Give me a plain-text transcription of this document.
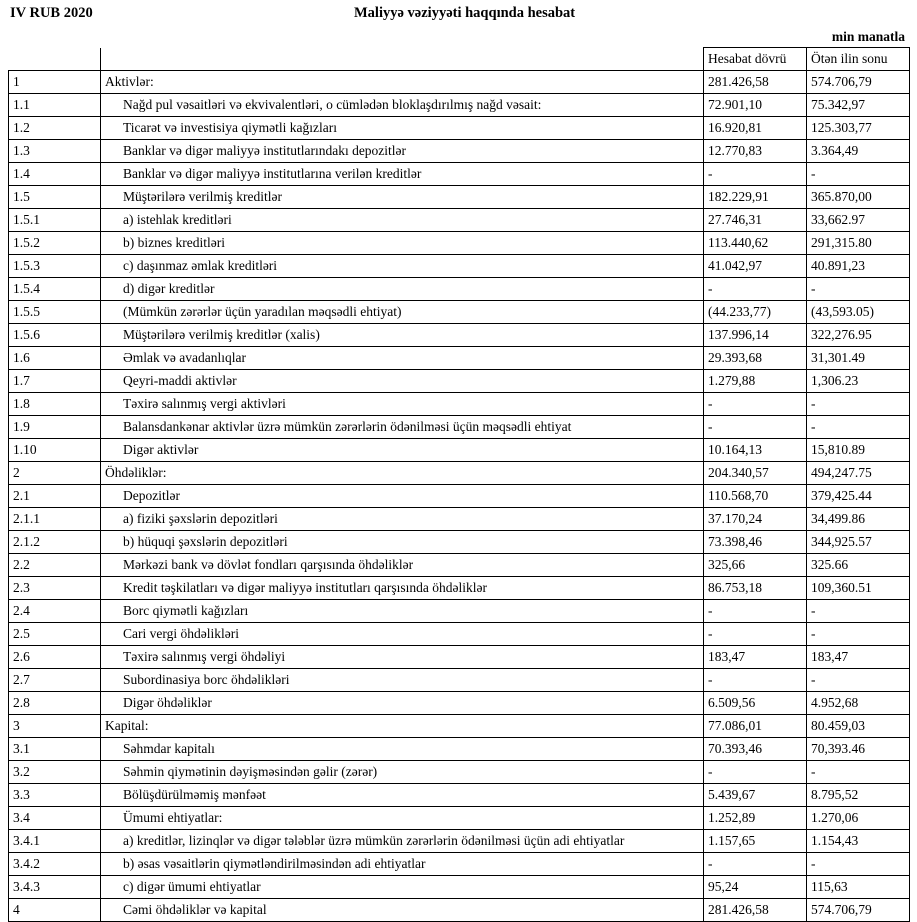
IV RUB 2020	Maliyyə vəziyyəti haqqında hesabat
min manatla
		Hesabat dövrü	Ötən ilin sonu
1	Aktivlər:	281.426,58	574.706,79
1.1	Nağd pul vəsaitləri və ekvivalentləri, o cümlədən bloklaşdırılmış nağd vəsait:	72.901,10	75.342,97
1.2	Ticarət və investisiya qiymətli kağızları	16.920,81	125.303,77
1.3	Banklar və digər maliyyə institutlarındakı depozitlər	12.770,83	3.364,49
1.4	Banklar və digər maliyyə institutlarına verilən kreditlər	-	-
1.5	Müştərilərə verilmiş kreditlər	182.229,91	365.870,00
1.5.1	a) istehlak kreditləri	27.746,31	33,662.97
1.5.2	b) biznes kreditləri	113.440,62	291,315.80
1.5.3	c) daşınmaz əmlak kreditləri	41.042,97	40.891,23
1.5.4	d) digər kreditlər	-	-
1.5.5	(Mümkün zərərlər üçün yaradılan məqsədli ehtiyat)	(44.233,77)	(43,593.05)
1.5.6	Müştərilərə verilmiş kreditlər (xalis)	137.996,14	322,276.95
1.6	Əmlak və avadanlıqlar	29.393,68	31,301.49
1.7	Qeyri-maddi aktivlər	1.279,88	1,306.23
1.8	Təxirə salınmış vergi aktivləri	-	-
1.9	Balansdankənar aktivlər üzrə mümkün zərərlərin ödənilməsi üçün məqsədli ehtiyat	-	-
1.10	Digər aktivlər	10.164,13	15,810.89
2	Öhdəliklər:	204.340,57	494,247.75
2.1	Depozitlər	110.568,70	379,425.44
2.1.1	a) fiziki şəxslərin depozitləri	37.170,24	34,499.86
2.1.2	b) hüquqi şəxslərin depozitləri	73.398,46	344,925.57
2.2	Mərkəzi bank və dövlət fondları qarşısında öhdəliklər	325,66	325.66
2.3	Kredit təşkilatları və digər maliyyə institutları qarşısında öhdəliklər	86.753,18	109,360.51
2.4	Borc qiymətli kağızları	-	-
2.5	Cari vergi öhdəlikləri	-	-
2.6	Təxirə salınmış vergi öhdəliyi	183,47	183,47
2.7	Subordinasiya borc öhdəlikləri	-	-
2.8	Digər öhdəliklər	6.509,56	4.952,68
3	Kapital:	77.086,01	80.459,03
3.1	Səhmdar kapitalı	70.393,46	70,393.46
3.2	Səhmin qiymətinin dəyişməsindən gəlir (zərər)	-	-
3.3	Bölüşdürülməmiş mənfəət	5.439,67	8.795,52
3.4	Ümumi ehtiyatlar:	1.252,89	1.270,06
3.4.1	a) kreditlər, lizinqlər və digər tələblər üzrə mümkün zərərlərin ödənilməsi üçün adi ehtiyatlar	1.157,65	1.154,43
3.4.2	b) əsas vəsaitlərin qiymətləndirilməsindən adi ehtiyatlar	-	-
3.4.3	c) digər ümumi ehtiyatlar	95,24	115,63
4	Cəmi öhdəliklər və kapital	281.426,58	574.706,79
